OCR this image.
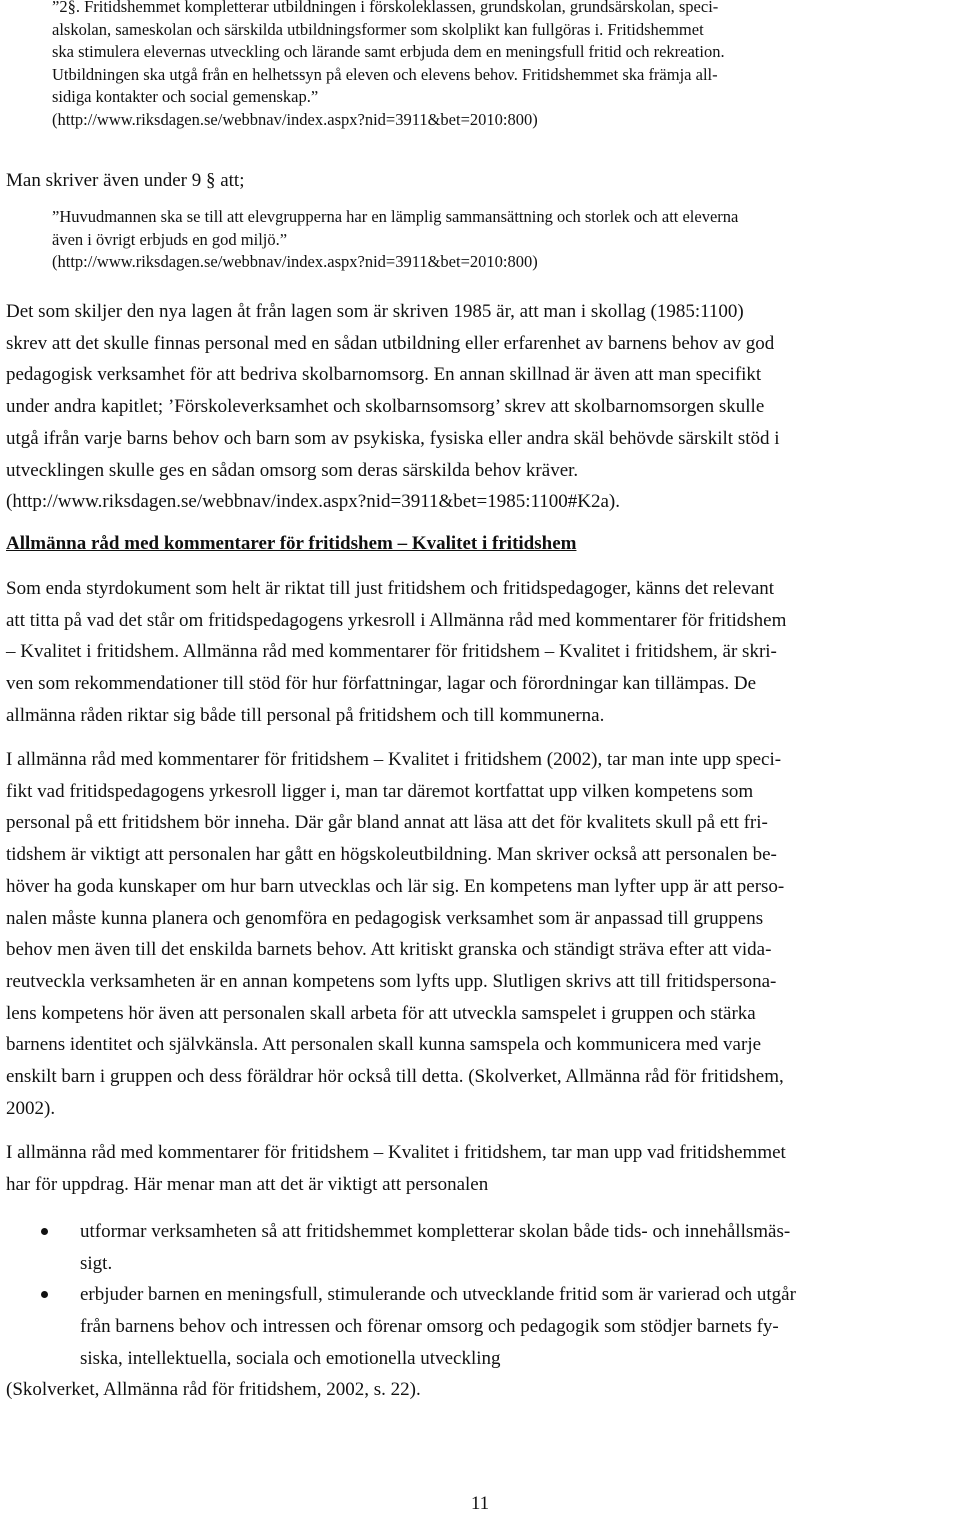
”2§. Fritidshemmet kompletterar utbildningen i förskoleklassen, grundskolan, grundsärskolan, speci-
alskolan, sameskolan och särskilda utbildningsformer som skolplikt kan fullgöras i. Fritidshemmet
ska stimulera elevernas utveckling och lärande samt erbjuda dem en meningsfull fritid och rekreation.
Utbildningen ska utgå från en helhetssyn på eleven och elevens behov. Fritidshemmet ska främja all-
sidiga kontakter och social gemenskap.”
(http://www.riksdagen.se/webbnav/index.aspx?nid=3911&bet=2010:800)
Man skriver även under 9 § att;
”Huvudmannen ska se till att elevgrupperna har en lämplig sammansättning och storlek och att eleverna
även i övrigt erbjuds en god miljö.”
(http://www.riksdagen.se/webbnav/index.aspx?nid=3911&bet=2010:800)
Det som skiljer den nya lagen åt från lagen som är skriven 1985 är, att man i skollag (1985:1100)
skrev att det skulle finnas personal med en sådan utbildning eller erfarenhet av barnens behov av god
pedagogisk verksamhet för att bedriva skolbarnomsorg. En annan skillnad är även att man specifikt
under andra kapitlet; ’Förskoleverksamhet och skolbarnsomsorg’ skrev att skolbarnomsorgen skulle
utgå ifrån varje barns behov och barn som av psykiska, fysiska eller andra skäl behövde särskilt stöd i
utvecklingen skulle ges en sådan omsorg som deras särskilda behov kräver.
(http://www.riksdagen.se/webbnav/index.aspx?nid=3911&bet=1985:1100#K2a).
Allmänna råd med kommentarer för fritidshem – Kvalitet i fritidshem
Som enda styrdokument som helt är riktat till just fritidshem och fritidspedagoger, känns det relevant
att titta på vad det står om fritidspedagogens yrkesroll i Allmänna råd med kommentarer för fritidshem
– Kvalitet i fritidshem. Allmänna råd med kommentarer för fritidshem – Kvalitet i fritidshem, är skri-
ven som rekommendationer till stöd för hur författningar, lagar och förordningar kan tillämpas. De
allmänna råden riktar sig både till personal på fritidshem och till kommunerna.
I allmänna råd med kommentarer för fritidshem – Kvalitet i fritidshem (2002), tar man inte upp speci-
fikt vad fritidspedagogens yrkesroll ligger i, man tar däremot kortfattat upp vilken kompetens som
personal på ett fritidshem bör inneha. Där går bland annat att läsa att det för kvalitets skull på ett fri-
tidshem är viktigt att personalen har gått en högskoleutbildning. Man skriver också att personalen be-
höver ha goda kunskaper om hur barn utvecklas och lär sig. En kompetens man lyfter upp är att perso-
nalen måste kunna planera och genomföra en pedagogisk verksamhet som är anpassad till gruppens
behov men även till det enskilda barnets behov. Att kritiskt granska och ständigt sträva efter att vida-
reutveckla verksamheten är en annan kompetens som lyfts upp. Slutligen skrivs att till fritidspersona-
lens kompetens hör även att personalen skall arbeta för att utveckla samspelet i gruppen och stärka
barnens identitet och självkänsla. Att personalen skall kunna samspela och kommunicera med varje
enskilt barn i gruppen och dess föräldrar hör också till detta. (Skolverket, Allmänna råd för fritidshem,
2002).
I allmänna råd med kommentarer för fritidshem – Kvalitet i fritidshem, tar man upp vad fritidshemmet
har för uppdrag. Här menar man att det är viktigt att personalen
utformar verksamheten så att fritidshemmet kompletterar skolan både tids- och innehållsmäs-
sigt.
erbjuder barnen en meningsfull, stimulerande och utvecklande fritid som är varierad och utgår
från barnens behov och intressen och förenar omsorg och pedagogik som stödjer barnets fy-
siska, intellektuella, sociala och emotionella utveckling
(Skolverket, Allmänna råd för fritidshem, 2002, s. 22).
11
